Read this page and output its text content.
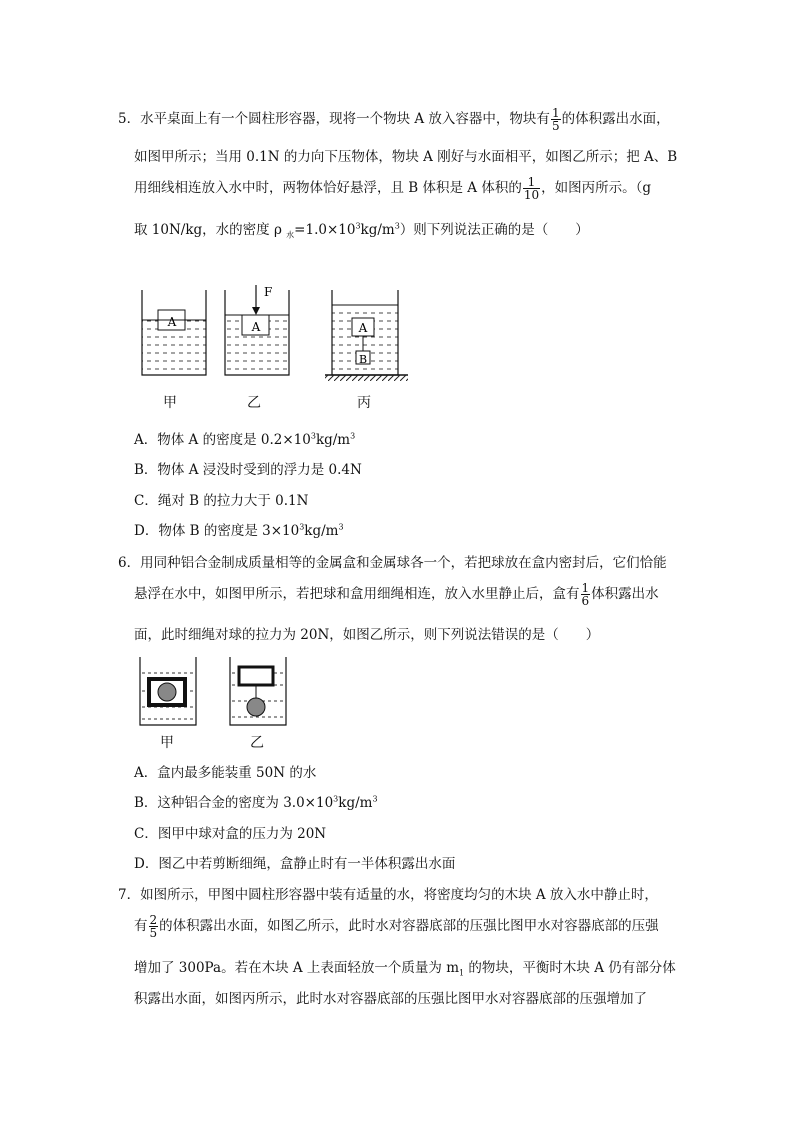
5．水平桌面上有一个圆柱形容器，现将一个物块 A 放入容器中，物块有 $\frac{1}{5}$ 的体积露出水面，
如图甲所示；当用 0.1N 的力向下压物体，物块 A 刚好与水面相平，如图乙所示；把 A、B
用细线相连放入水中时，两物体恰好悬浮，且 B 体积是 A 体积的 $\frac{1}{10}$ ，如图丙所示。（g
取 10N/kg，水的密度 ρ $_水=1.0\times 10^3kg/m^3$）则下列说法正确的是（　　）
A
F
A	A
B
甲	乙	丙
A．物体 A 的密度是 $0.2\times 10^3kg/m^3$
B．物体 A 浸没时受到的浮力是 0.4N
C．绳对 B 的拉力大于 0.1N
D．物体 B 的密度是 $3\times 10^3kg/m^3$
6．用同种铝合金制成质量相等的金属盒和金属球各一个，若把球放在盒内密封后，它们恰能
悬浮在水中，如图甲所示，若把球和盒用细绳相连，放入水里静止后，盒有 $\frac{1}{6}$ 体积露出水
面，此时细绳对球的拉力为 20N，如图乙所示，则下列说法错误的是（　　）
甲	乙
A．盒内最多能装重 50N 的水
B．这种铝合金的密度为 $3.0\times 10^3kg/m^3$
C．图甲中球对盒的压力为 20N
D．图乙中若剪断细绳，盒静止时有一半体积露出水面
7．如图所示，甲图中圆柱形容器中装有适量的水，将密度均匀的木块 A 放入水中静止时，
有 $\frac{2}{5}$ 的体积露出水面，如图乙所示，此时水对容器底部的压强比图甲水对容器底部的压强
增加了 300Pa。若在木块 A 上表面轻放一个质量为 $m_1$ 的物块，平衡时木块 A 仍有部分体
积露出水面，如图丙所示，此时水对容器底部的压强比图甲水对容器底部的压强增加了
